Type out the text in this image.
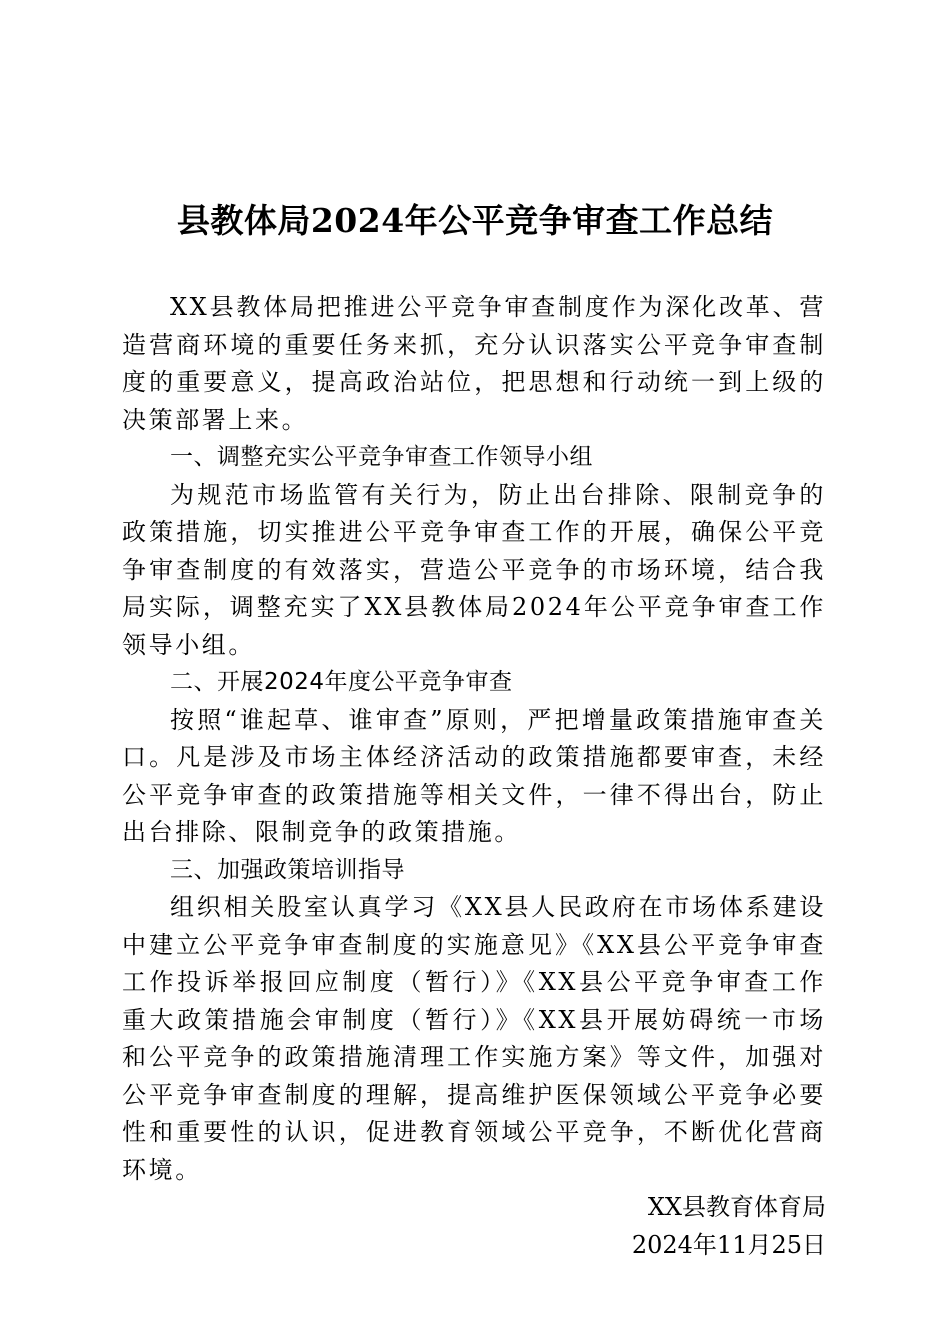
县教体局2024年公平竞争审查工作总结

XX县教体局把推进公平竞争审查制度作为深化改革、营造营商环境的重要任务来抓，充分认识落实公平竞争审查制度的重要意义，提高政治站位，把思想和行动统一到上级的决策部署上来。

一、调整充实公平竞争审查工作领导小组

为规范市场监管有关行为，防止出台排除、限制竞争的政策措施，切实推进公平竞争审查工作的开展，确保公平竞争审查制度的有效落实，营造公平竞争的市场环境，结合我局实际，调整充实了XX县教体局2024年公平竞争审查工作领导小组。

二、开展2024年度公平竞争审查

按照“谁起草、谁审查”原则，严把增量政策措施审查关口。凡是涉及市场主体经济活动的政策措施都要审查，未经公平竞争审查的政策措施等相关文件，一律不得出台，防止出台排除、限制竞争的政策措施。

三、加强政策培训指导

组织相关股室认真学习《XX县人民政府在市场体系建设中建立公平竞争审查制度的实施意见》《XX县公平竞争审查工作投诉举报回应制度（暂行）》《XX县公平竞争审查工作重大政策措施会审制度（暂行）》《XX县开展妨碍统一市场和公平竞争的政策措施清理工作实施方案》等文件，加强对公平竞争审查制度的理解，提高维护医保领域公平竞争必要性和重要性的认识，促进教育领域公平竞争，不断优化营商环境。

XX县教育体育局

2024年11月25日
